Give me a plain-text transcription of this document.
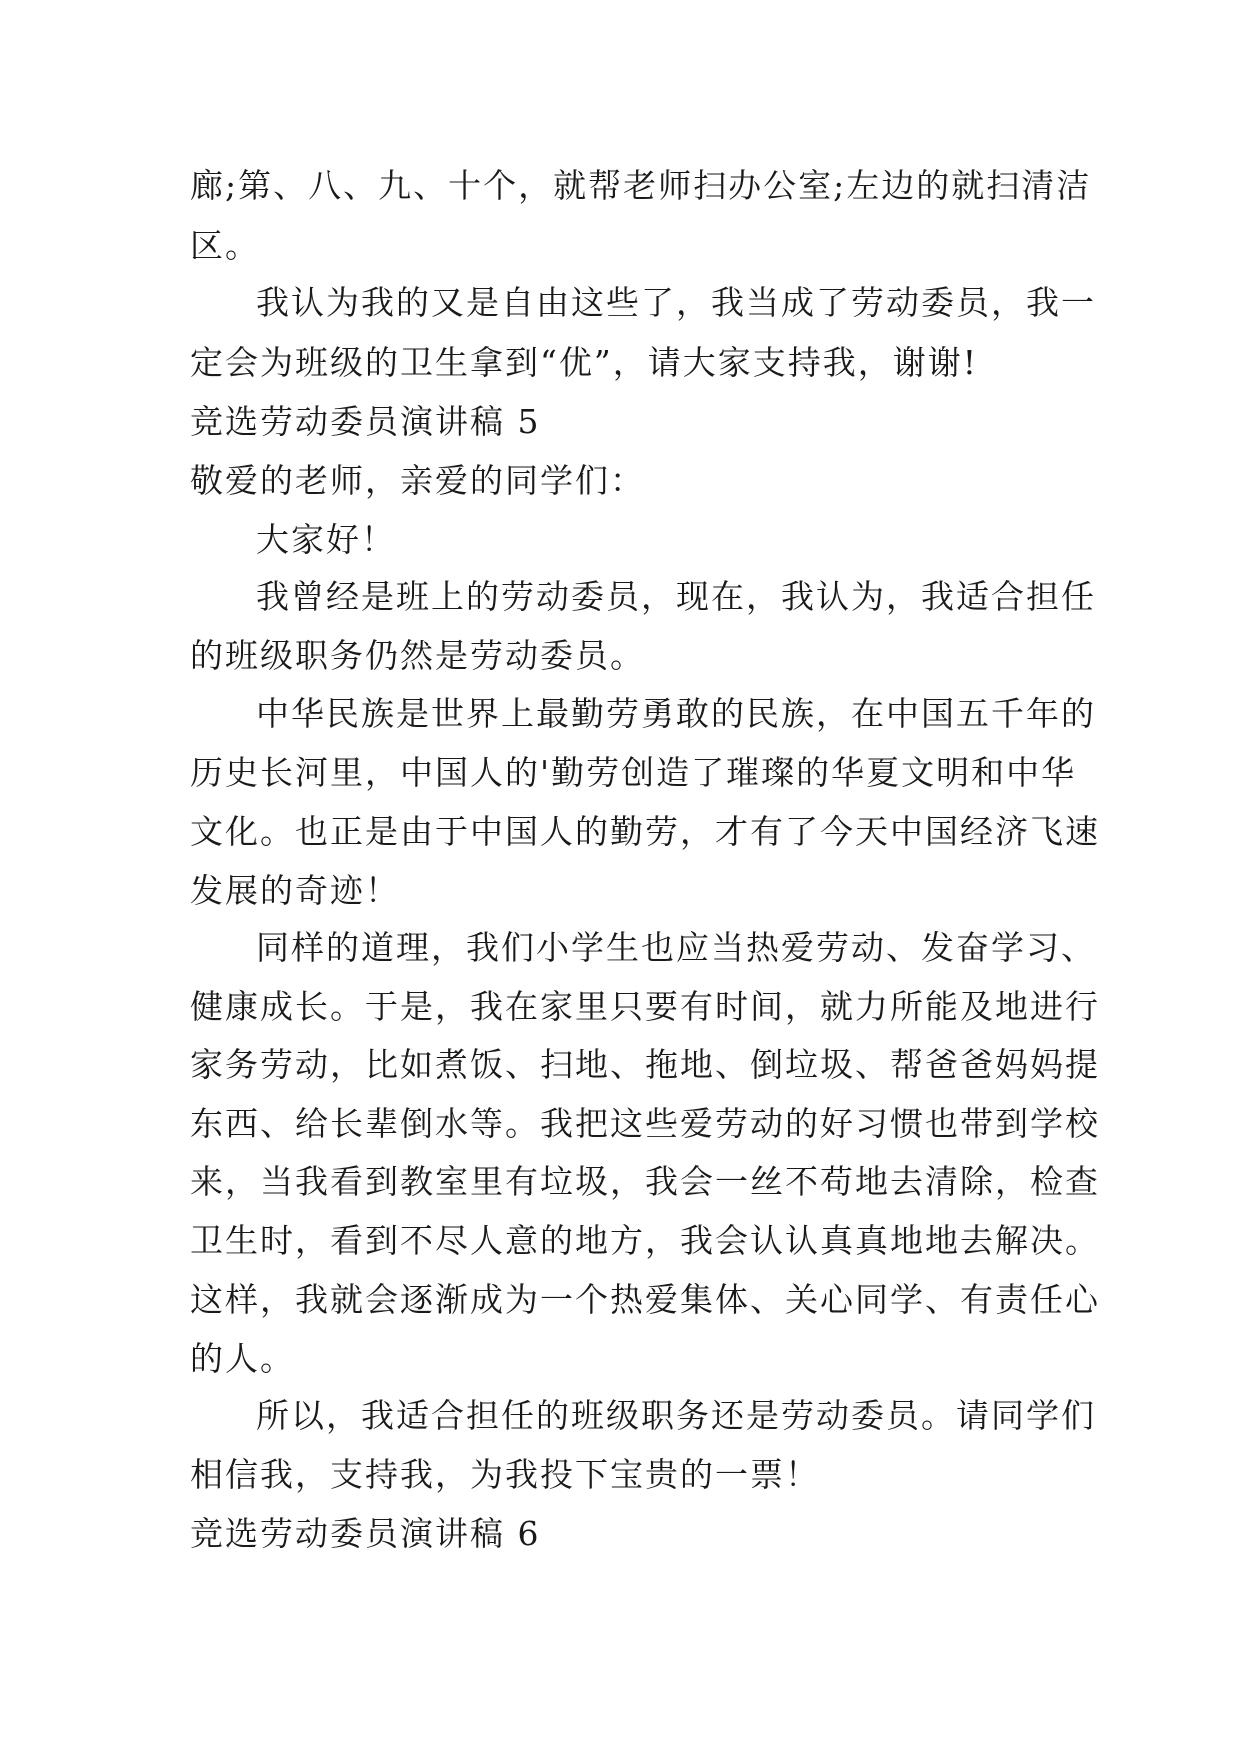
廊;第、八、九、十个，就帮老师扫办公室;左边的就扫清洁
区。
我认为我的又是自由这些了，我当成了劳动委员，我一
定会为班级的卫生拿到“优”，请大家支持我，谢谢!
竞选劳动委员演讲稿 5
敬爱的老师，亲爱的同学们：
大家好！
我曾经是班上的劳动委员，现在，我认为，我适合担任
的班级职务仍然是劳动委员。
中华民族是世界上最勤劳勇敢的民族，在中国五千年的
历史长河里，中国人的'勤劳创造了璀璨的华夏文明和中华
文化。也正是由于中国人的勤劳，才有了今天中国经济飞速
发展的奇迹！
同样的道理，我们小学生也应当热爱劳动、发奋学习、
健康成长。于是，我在家里只要有时间，就力所能及地进行
家务劳动，比如煮饭、扫地、拖地、倒垃圾、帮爸爸妈妈提
东西、给长辈倒水等。我把这些爱劳动的好习惯也带到学校
来，当我看到教室里有垃圾，我会一丝不苟地去清除，检查
卫生时，看到不尽人意的地方，我会认认真真地地去解决。
这样，我就会逐渐成为一个热爱集体、关心同学、有责任心
的人。
所以，我适合担任的班级职务还是劳动委员。请同学们
相信我，支持我，为我投下宝贵的一票！
竞选劳动委员演讲稿 6
